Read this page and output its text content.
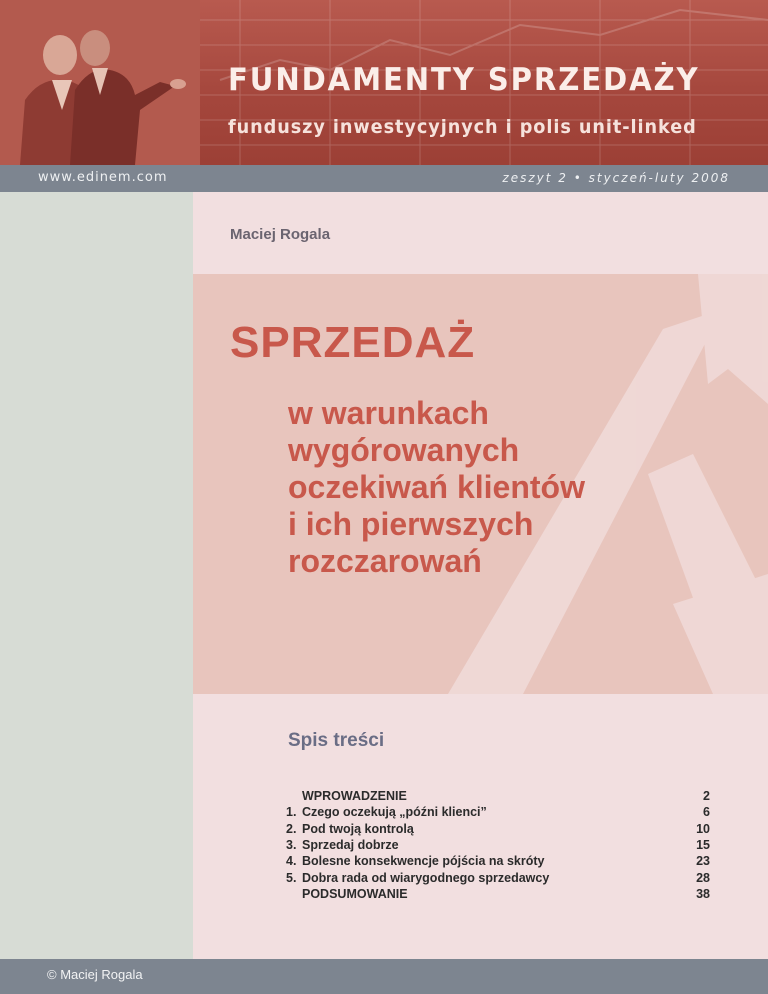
FUNDAMENTY SPRZEDAŻY
funduszy inwestycyjnych i polis unit-linked
www.edinem.com	zeszyt 2 • styczeń-luty 2008
Maciej Rogala
SPRZEDAŻ
w warunkach
wygórowanych
oczekiwań klientów
i ich pierwszych
rozczarowań
Spis treści
WPROWADZENIE	2
1. Czego oczekują „późni klienci”	6
2. Pod twoją kontrolą	10
3. Sprzedaj dobrze	15
4. Bolesne konsekwencje pójścia na skróty	23
5. Dobra rada od wiarygodnego sprzedawcy	28
PODSUMOWANIE	38
© Maciej Rogala
